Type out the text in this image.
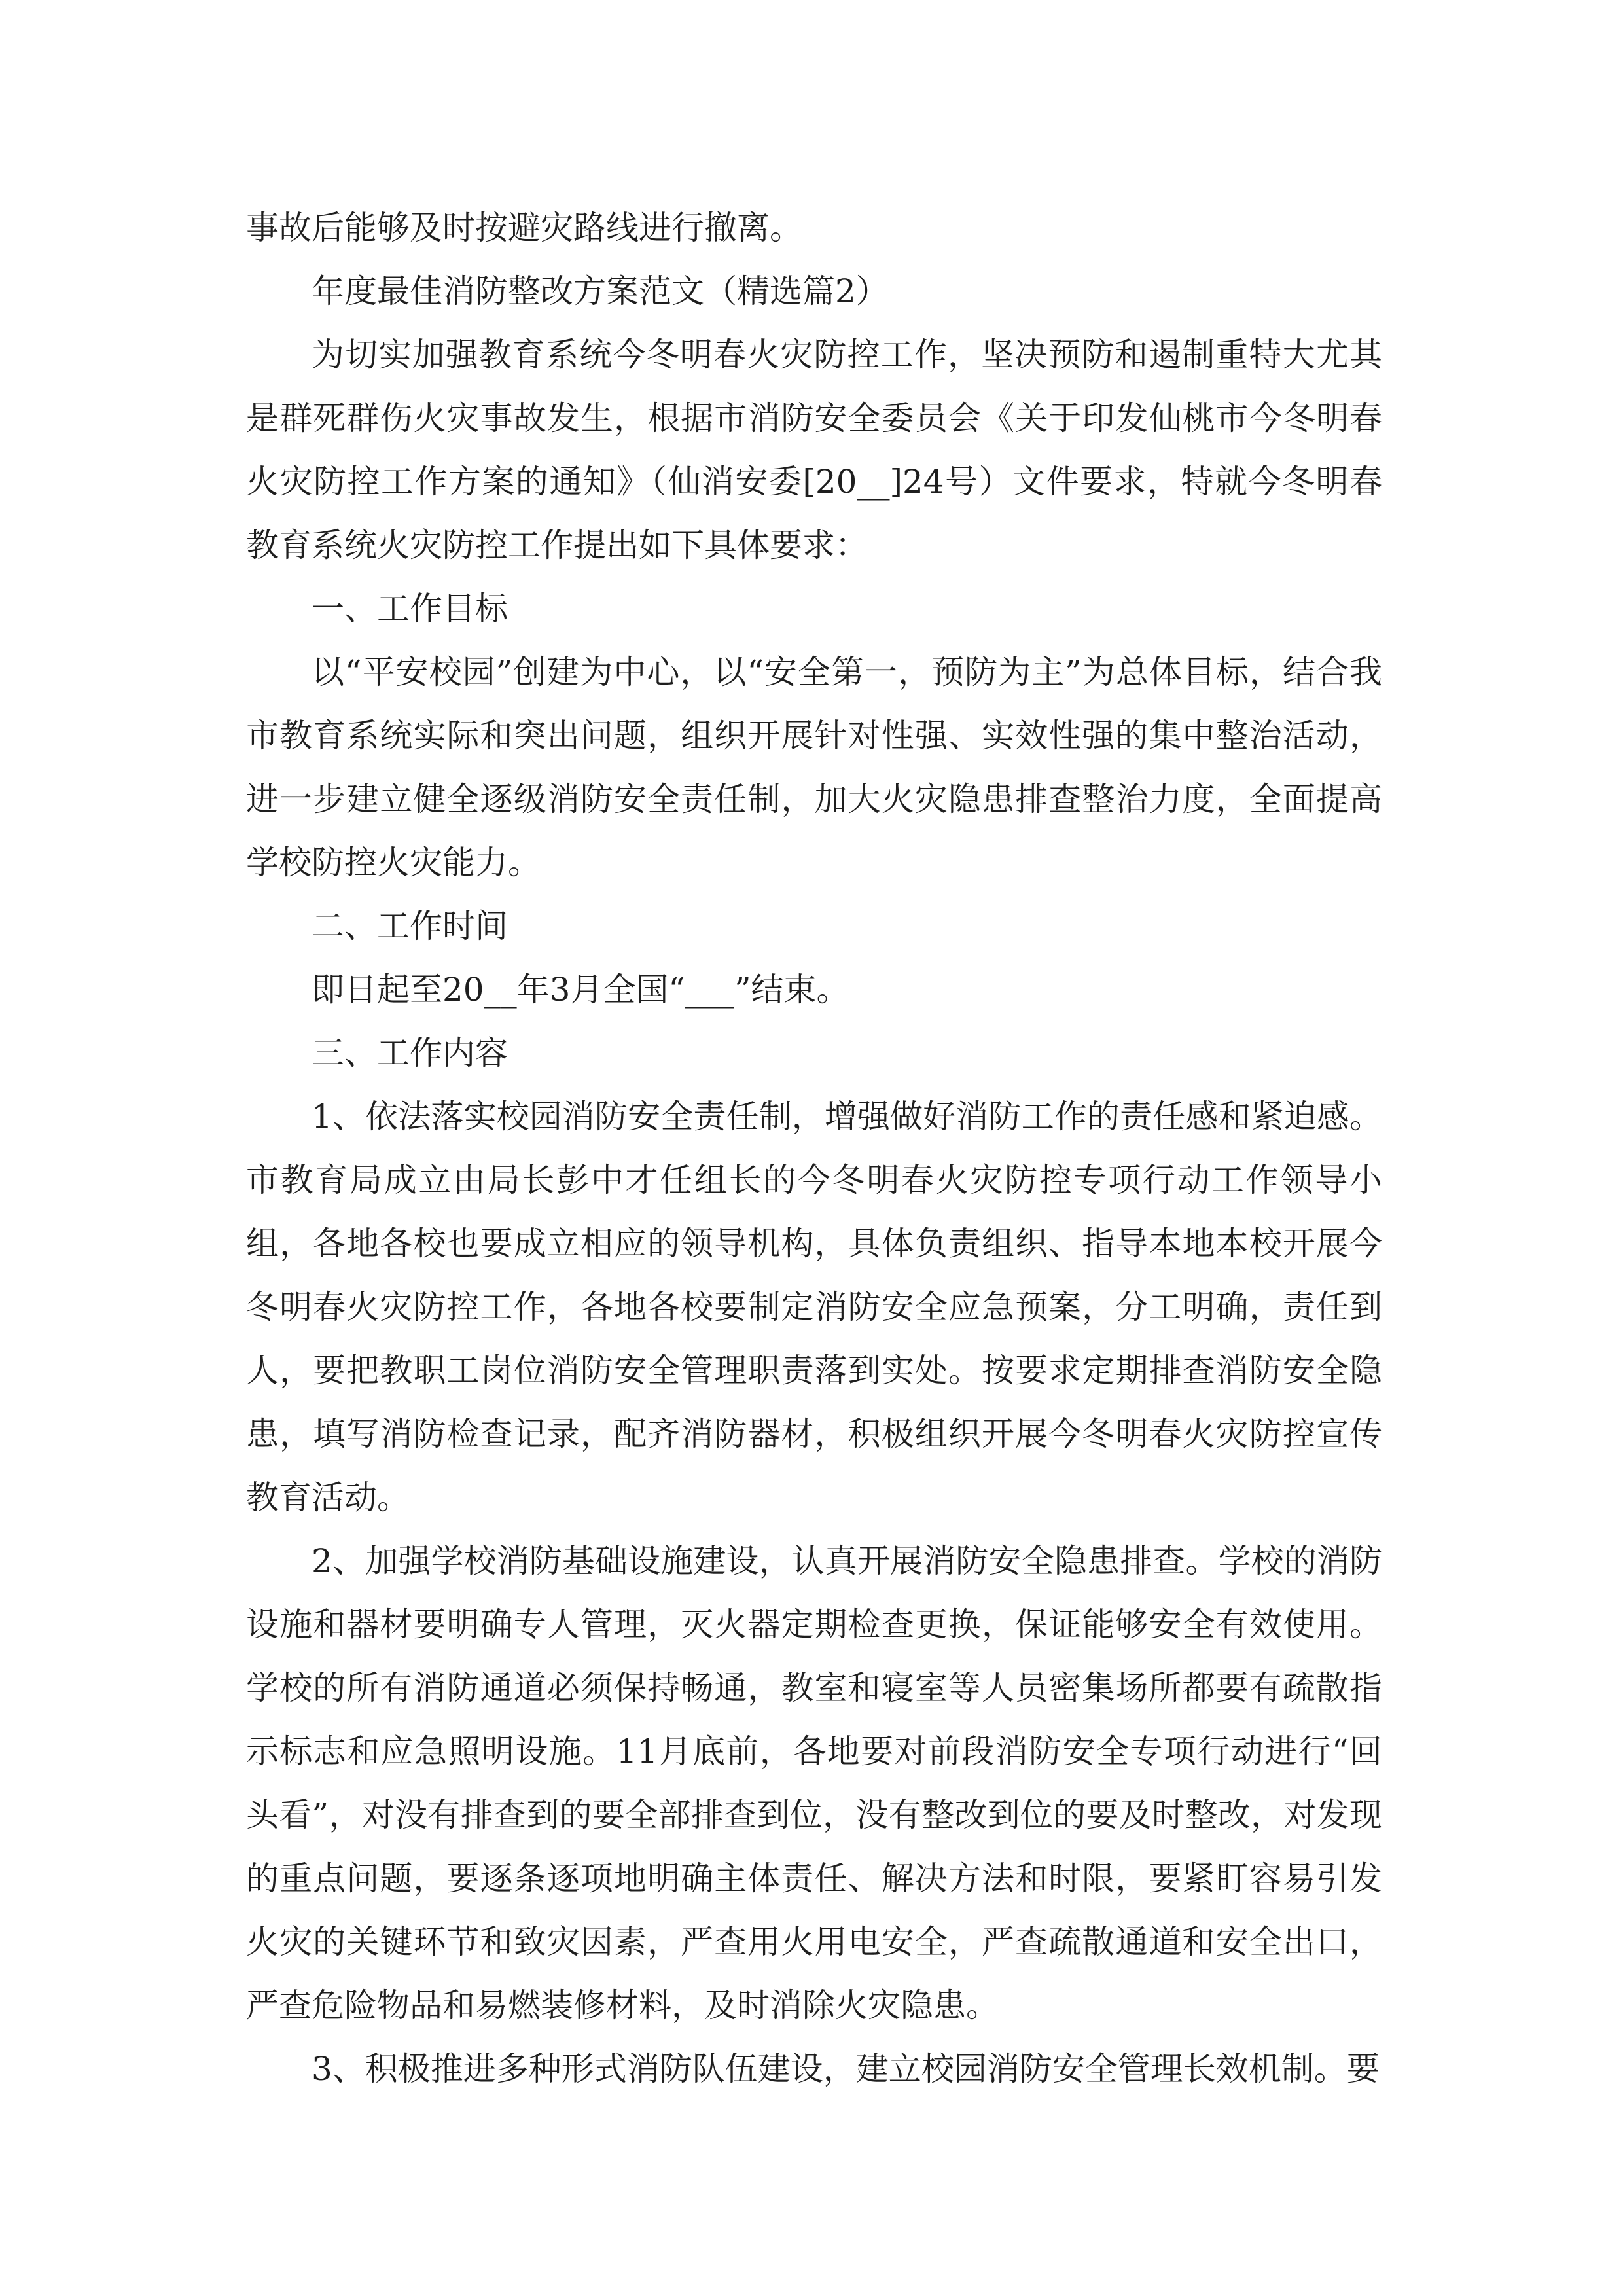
事故后能够及时按避灾路线进行撤离。

年度最佳消防整改方案范文（精选篇2）

为切实加强教育系统今冬明春火灾防控工作，坚决预防和遏制重特大尤其是群死群伤火灾事故发生，根据市消防安全委员会《关于印发仙桃市今冬明春火灾防控工作方案的通知》（仙消安委[20__]24号）文件要求，特就今冬明春教育系统火灾防控工作提出如下具体要求：

一、工作目标

以“平安校园”创建为中心，以“安全第一，预防为主”为总体目标，结合我市教育系统实际和突出问题，组织开展针对性强、实效性强的集中整治活动，进一步建立健全逐级消防安全责任制，加大火灾隐患排查整治力度，全面提高学校防控火灾能力。

二、工作时间

即日起至20__年3月全国“___”结束。

三、工作内容

1、依法落实校园消防安全责任制，增强做好消防工作的责任感和紧迫感。市教育局成立由局长彭中才任组长的今冬明春火灾防控专项行动工作领导小组，各地各校也要成立相应的领导机构，具体负责组织、指导本地本校开展今冬明春火灾防控工作，各地各校要制定消防安全应急预案，分工明确，责任到人，要把教职工岗位消防安全管理职责落到实处。按要求定期排查消防安全隐患，填写消防检查记录，配齐消防器材，积极组织开展今冬明春火灾防控宣传教育活动。

2、加强学校消防基础设施建设，认真开展消防安全隐患排查。学校的消防设施和器材要明确专人管理，灭火器定期检查更换，保证能够安全有效使用。学校的所有消防通道必须保持畅通，教室和寝室等人员密集场所都要有疏散指示标志和应急照明设施。11月底前，各地要对前段消防安全专项行动进行“回头看”，对没有排查到的要全部排查到位，没有整改到位的要及时整改，对发现的重点问题，要逐条逐项地明确主体责任、解决方法和时限，要紧盯容易引发火灾的关键环节和致灾因素，严查用火用电安全，严查疏散通道和安全出口，严查危险物品和易燃装修材料，及时消除火灾隐患。

3、积极推进多种形式消防队伍建设，建立校园消防安全管理长效机制。要
